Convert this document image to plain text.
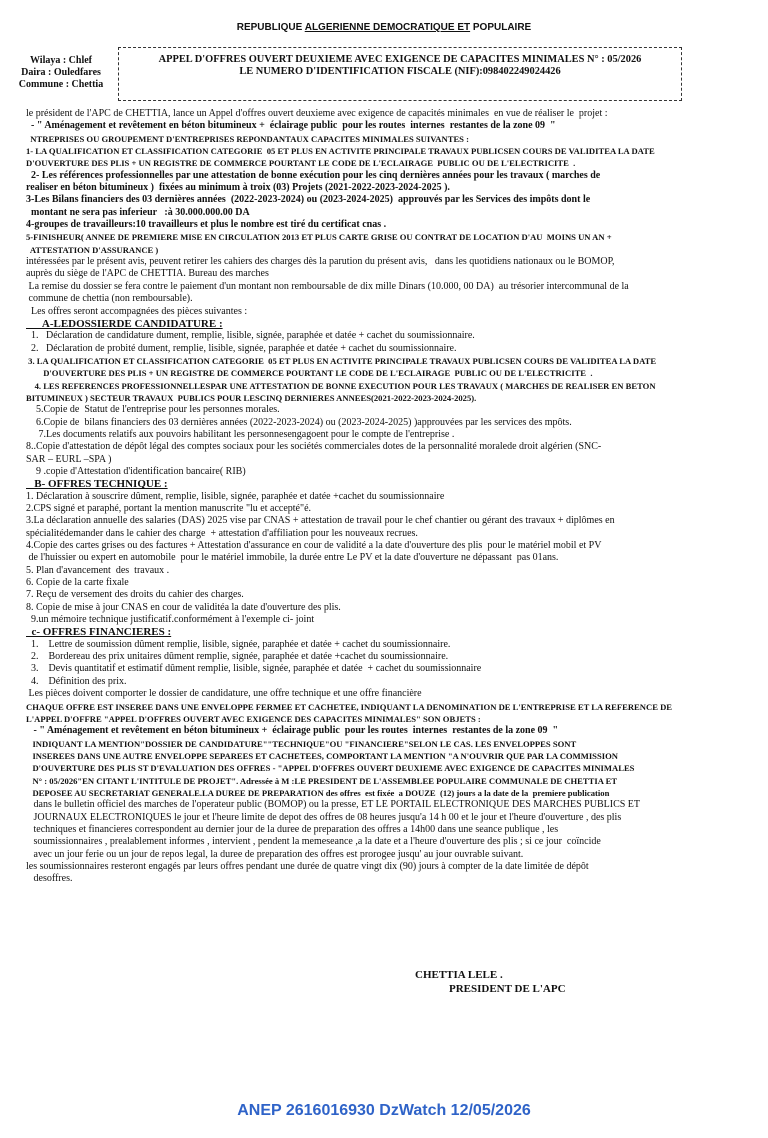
REPUBLIQUE ALGERIENNE DEMOCRATIQUE ET POPULAIRE
Wilaya : Chlef
Daira : Ouledfares
Commune : Chettia
APPEL D'OFFRES OUVERT DEUXIEME AVEC EXIGENCE DE CAPACITES MINIMALES N° : 05/2026
LE NUMERO D'IDENTIFICATION FISCALE (NIF):098402249024426

le président de l'APC de CHETTIA, lance un Appel d'offres ouvert deuxieme avec exigence de capacités minimales  en vue de réaliser le  projet :

- " Aménagement et revêtement en béton bitumineux +  éclairage public  pour les routes  internes  restantes de la zone 09  "

NTREPRISES OU GROUPEMENT D'ENTREPRISES REPONDANTAUX CAPACITES MINIMALES SUIVANTES :

1- LA QUALIFICATION ET CLASSIFICATION CATEGORIE  05 ET PLUS EN ACTIVITE PRINCIPALE TRAVAUX PUBLICSEN COURS DE VALIDITEA LA DATE

D'OUVERTURE DES PLIS + UN REGISTRE DE COMMERCE POURTANT LE CODE DE L'ECLAIRAGE  PUBLIC OU DE L'ELECTRICITE  .

2- Les références professionnelles par une attestation de bonne exécution pour les cinq dernières années pour les travaux ( marches de

realiser en béton bitumineux )  fixées au minimum à troix (03) Projets (2021-2022-2023-2024-2025 ).

3-Les Bilans financiers des 03 dernières années  (2022-2023-2024) ou (2023-2024-2025)  approuvés par les Services des impôts dont le

montant ne sera pas inferieur   :à 30.000.000.00 DA

4-groupes de travailleurs:10 travailleurs et plus le nombre est tiré du certificat cnas .

5-FINISHEUR( ANNEE DE PREMIERE MISE EN CIRCULATION 2013 ET PLUS CARTE GRISE OU CONTRAT DE LOCATION D'AU  MOINS UN AN +

ATTESTATION D'ASSURANCE )

intéressées par le présent avis, peuvent retirer les cahiers des charges dès la parution du présent avis,   dans les quotidiens nationaux ou le BOMOP,

auprès du siège de l'APC de CHETTIA. Bureau des marches

La remise du dossier se fera contre le paiement d'un montant non remboursable de dix mille Dinars (10.000, 00 DA)  au trésorier intercommunal de la

commune de chettia (non remboursable).

Les offres seront accompagnées des pièces suivantes :

A-LEDOSSIERDE CANDIDATURE :

1.   Déclaration de candidature dument, remplie, lisible, signée, paraphée et datée + cachet du soumissionnaire.

2.   Déclaration de probité dument, remplie, lisible, signée, paraphée et datée + cachet du soumissionnaire.

3. LA QUALIFICATION ET CLASSIFICATION CATEGORIE  05 ET PLUS EN ACTIVITE PRINCIPALE TRAVAUX PUBLICSEN COURS DE VALIDITEA LA DATE

D'OUVERTURE DES PLIS + UN REGISTRE DE COMMERCE POURTANT LE CODE DE L'ECLAIRAGE  PUBLIC OU DE L'ELECTRICITE  .

4. LES REFERENCES PROFESSIONNELLESPAR UNE ATTESTATION DE BONNE EXECUTION POUR LES TRAVAUX ( MARCHES DE REALISER EN BETON

BITUMINEUX ) SECTEUR TRAVAUX  PUBLICS POUR LESCINQ DERNIERES ANNEES(2021-2022-2023-2024-2025).

5.Copie de  Statut de l'entreprise pour les personnes morales.

6.Copie de  bilans financiers des 03 dernières années (2022-2023-2024) ou (2023-2024-2025) )approuvées par les services des mpôts.

7.Les documents relatifs aux pouvoirs habilitant les personnesengagoent pour le compte de l'entreprise .

8..Copie d'attestation de dépôt légal des comptes sociaux pour les sociétés commerciales dotes de la personnalité moralede droit algérien (SNC-

SAR – EURL –SPA )

9 .copie d'Attestation d'identification bancaire( RIB)

B- OFFRES TECHNIQUE :

1. Déclaration à souscrire dûment, remplie, lisible, signée, paraphée et datée +cachet du soumissionnaire

2.CPS signé et paraphé, portant la mention manuscrite "lu et accepté"é.

3.La déclaration annuelle des salaries (DAS) 2025 vise par CNAS + attestation de travail pour le chef chantier ou gérant des travaux + diplômes en

spécialitédemander dans le cahier des charge  + attestation d'affiliation pour les nouveaux recrues.

4.Copie des cartes grises ou des factures + Attestation d'assurance en cour de validité a la date d'ouverture des plis  pour le matériel mobil et PV

de l'huissier ou expert en automobile  pour le matériel immobile, la durée entre Le PV et la date d'ouverture ne dépassant  pas 01ans.

5. Plan d'avancement  des  travaux .

6. Copie de la carte fixale

7. Reçu de versement des droits du cahier des charges.

8. Copie de mise à jour CNAS en cour de validitéa la date d'ouverture des plis.

9.un mémoire technique justificatif.conformément à l'exemple ci- joint

c- OFFRES FINANCIERES :

1.    Lettre de soumission dûment remplie, lisible, signée, paraphée et datée + cachet du soumissionnaire.

2.    Bordereau des prix unitaires dûment remplie, signée, paraphée et datée +cachet du soumissionnaire.

3.    Devis quantitatif et estimatif dûment remplie, lisible, signée, paraphée et datée  + cachet du soumissionnaire

4.    Définition des prix.

Les pièces doivent comporter le dossier de candidature, une offre technique et une offre financière

CHAQUE OFFRE EST INSEREE DANS UNE ENVELOPPE FERMEE ET CACHETEE, INDIQUANT LA DENOMINATION DE L'ENTREPRISE ET LA REFERENCE DE

L'APPEL D'OFFRE "APPEL D'OFFRES OUVERT AVEC EXIGENCE DES CAPACITES MINIMALES" SON OBJETS :

- " Aménagement et revêtement en béton bitumineux +  éclairage public  pour les routes  internes  restantes de la zone 09  "

INDIQUANT LA MENTION"DOSSIER DE CANDIDATURE""TECHNIQUE"OU "FINANCIERE"SELON LE CAS. LES ENVELOPPES SONT

INSEREES DANS UNE AUTRE ENVELOPPE SEPAREES ET CACHETEES, COMPORTANT LA MENTION "A N'OUVRIR QUE PAR LA COMMISSION

D'OUVERTURE DES PLIS ST D'EVALUATION DES OFFRES - "APPEL D'OFFRES OUVERT DEUXIEME AVEC EXIGENCE DE CAPACITES MINIMALES

N° : 05/2026"EN CITANT L'INTITULE DE PROJET". Adressée à M :LE PRESIDENT DE L'ASSEMBLEE POPULAIRE COMMUNALE DE CHETTIA ET

DEPOSEE AU SECRETARIAT GENERALE.LA DUREE DE PREPARATION des offres  est fixée  a DOUZE  (12) jours a la date de la  premiere publication

dans le bulletin officiel des marches de l'operateur public (BOMOP) ou la presse, ET LE PORTAIL ELECTRONIQUE DES MARCHES PUBLICS ET

JOURNAUX ELECTRONIQUES le jour et l'heure limite de depot des offres de 08 heures jusqu'a 14 h 00 et le jour et l'heure d'ouverture , des plis

techniques et financieres correspondent au dernier jour de la duree de preparation des offres a 14h00 dans une seance publique , les

soumissionnaires , prealablement informes , intervient , pendent la memeseance ,a la date et a l'heure d'ouverture des plis ; si ce jour  coïncide

avec un jour ferie ou un jour de repos legal, la duree de preparation des offres est prorogee jusqu' au jour ouvrable suivant.

les soumissionnaires resteront engagés par leurs offres pendant une durée de quatre vingt dix (90) jours à compter de la date limitée de dépôt

desoffres.

CHETTIA LELE .
PRESIDENT DE L'APC
ANEP 2616016930 DzWatch 12/05/2026
